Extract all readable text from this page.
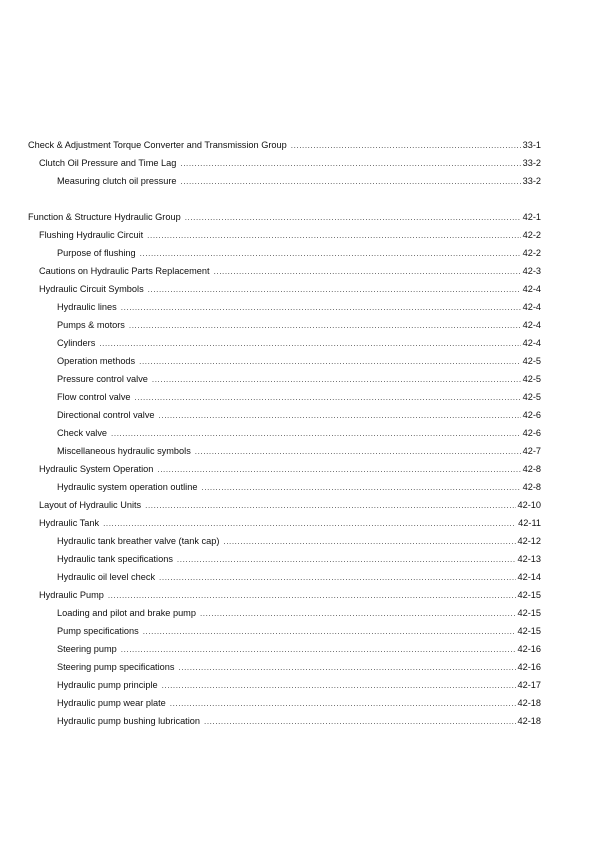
Check & Adjustment Torque Converter and Transmission Group .....	33-1
Clutch Oil Pressure and Time Lag .....	33-2
Measuring clutch oil pressure .....	33-2
Function & Structure Hydraulic Group .....	42-1
Flushing Hydraulic Circuit .....	42-2
Purpose of flushing .....	42-2
Cautions on Hydraulic Parts Replacement .....	42-3
Hydraulic Circuit Symbols .....	42-4
Hydraulic lines .....	42-4
Pumps & motors .....	42-4
Cylinders .....	42-4
Operation methods .....	42-5
Pressure control valve .....	42-5
Flow control valve .....	42-5
Directional control valve .....	42-6
Check valve .....	42-6
Miscellaneous hydraulic symbols .....	42-7
Hydraulic System Operation .....	42-8
Hydraulic system operation outline .....	42-8
Layout of Hydraulic Units .....	42-10
Hydraulic Tank .....	42-11
Hydraulic tank breather valve (tank cap) .....	42-12
Hydraulic tank specifications .....	42-13
Hydraulic oil level check .....	42-14
Hydraulic Pump .....	42-15
Loading and pilot and brake pump .....	42-15
Pump specifications .....	42-15
Steering pump .....	42-16
Steering pump specifications .....	42-16
Hydraulic pump principle .....	42-17
Hydraulic pump wear plate .....	42-18
Hydraulic pump bushing lubrication .....	42-18
